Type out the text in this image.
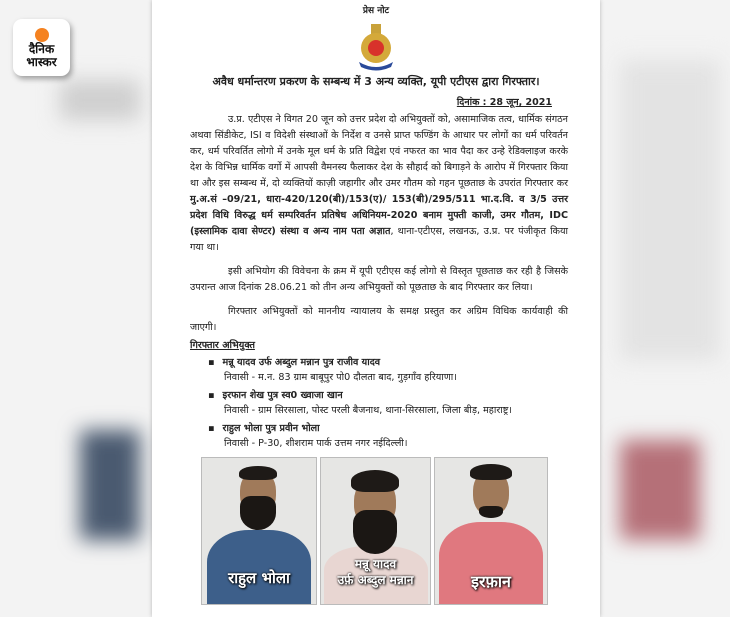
दैनिक
भास्कर
प्रेस नोट
अवैध धर्मान्तरण प्रकरण के सम्बन्ध में 3 अन्य व्यक्ति, यूपी एटीएस द्वारा गिरफ्तार।
दिनांक : 28 जून, 2021
उ.प्र. एटीएस ने विगत 20 जून को उत्तर प्रदेश दो अभियुक्तों को, असामाजिक तत्व, धार्मिक संगठन अथवा सिंडीकेट, ISI व विदेशी संस्थाओं के निर्देश व उनसे प्राप्त फण्डिंग के आधार पर लोगों का धर्म परिवर्तन कर, धर्म परिवर्तित लोगो में उनके मूल धर्म के प्रति विद्वेश एवं नफरत का भाव पैदा कर उन्हे रेडिक्लाइज करके देश के विभिन्न धार्मिक वर्गो में आपसी वैमनस्य फैलाकर देश के सौहार्द को बिगाड़ने के आरोप में गिरफ्तार किया था और इस सम्बन्ध में, दो व्यक्तियों काज़ी जहागीर और उमर गौतम को गहन पूछताछ के उपरांत गिरफ्तार कर मु.अ.सं –09/21, धारा-420/120(बी)/153(ए)/ 153(बी)/295/511 भा.द.वि. व 3/5 उत्तर प्रदेश विधि विरुद्ध धर्म सम्परिवर्तन प्रतिषेध अधिनियम-2020 बनाम मुफ्ती काजी, उमर गौतम, IDC (इस्लामिक दावा सेण्टर) संस्था व अन्य नाम पता अज्ञात, थाना-एटीएस, लखनऊ, उ.प्र. पर पंजीकृत किया गया था।
इसी अभियोग की विवेचना के क्रम में यूपी एटीएस कई लोगो से विस्तृत पूछताछ कर रही है जिसके उपरान्त आज दिनांक 28.06.21 को तीन अन्य अभियुक्तों को पूछताछ के बाद गिरफ्तार कर लिया।
गिरफ्तार अभियुक्तों को माननीय न्यायालय के समक्ष प्रस्तुत कर अग्रिम विधिक कार्यवाही की जाएगी।
गिरफ्तार अभियुक्त
▪ मन्नू यादव उर्फ अब्दुल मन्नान पुत्र राजीव यादव
निवासी - म.न. 83 ग्राम बाबूपुर पो0 दौलता बाद, गुड़गाँव हरियाणा।
▪ इरफान शेख पुत्र स्व0 ख्वाजा खान
निवासी - ग्राम सिरसाला, पोस्ट परली बैजनाथ, थाना-सिरसाला, जिला बीड़, महाराष्ट्र।
▪ राहुल भोला पुत्र प्रवीन भोला
निवासी - P-30, शीशराम पार्क उत्तम नगर नईदिल्ली।
राहुल भोला
मन्नू यादव
उर्फ़ अब्दुल मन्नान	इरफ़ान
